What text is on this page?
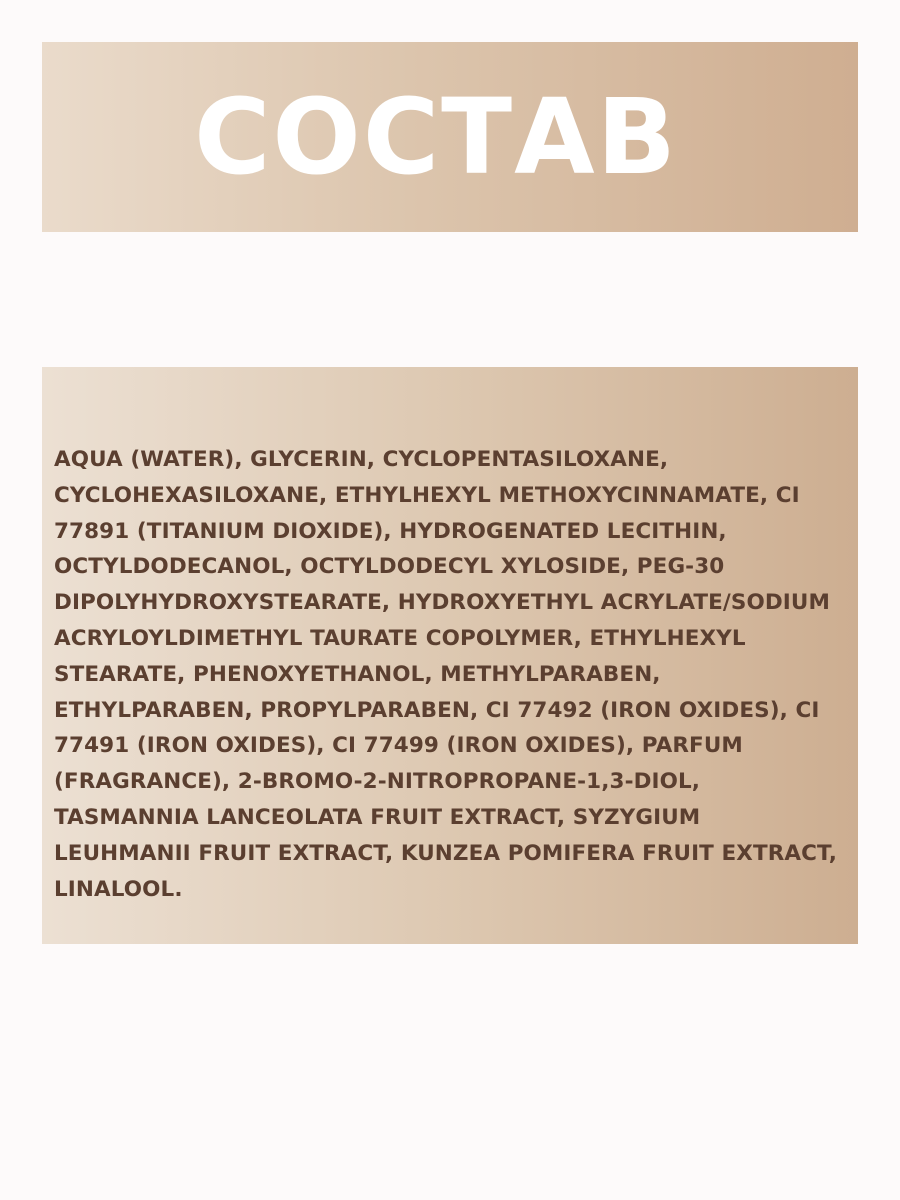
СОСТАВ

AQUA (WATER), GLYCERIN, CYCLOPENTASILOXANE, CYCLOHEXASILOXANE, ETHYLHEXYL METHOXYCINNAMATE, CI 77891 (TITANIUM DIOXIDE), HYDROGENATED LECITHIN, OCTYLDODECANOL, OCTYLDODECYL XYLOSIDE, PEG-30 DIPOLYHYDROXYSTEARATE, HYDROXYETHYL ACRYLATE/SODIUM ACRYLOYLDIMETHYL TAURATE COPOLYMER, ETHYLHEXYL STEARATE, PHENOXYETHANOL, METHYLPARABEN, ETHYLPARABEN, PROPYLPARABEN, CI 77492 (IRON OXIDES), CI 77491 (IRON OXIDES), CI 77499 (IRON OXIDES), PARFUM (FRAGRANCE), 2-BROMO-2-NITROPROPANE-1,3-DIOL, TASMANNIA LANCEOLATA FRUIT EXTRACT, SYZYGIUM LEUHMANII FRUIT EXTRACT, KUNZEA POMIFERA FRUIT EXTRACT, LINALOOL.
